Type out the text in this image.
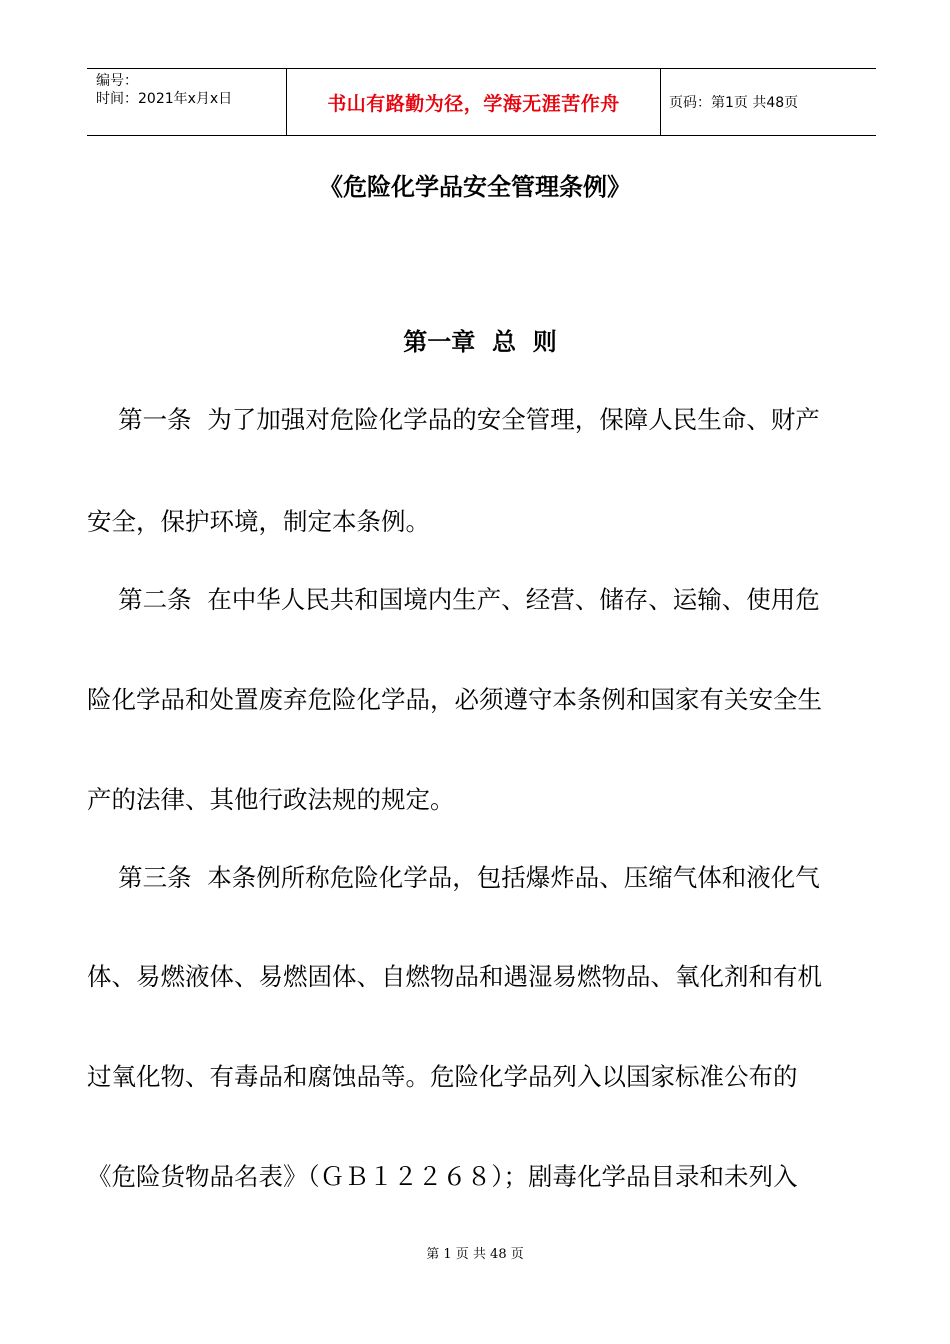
编号：
时间：2021年x月x日	书山有路勤为径，学海无涯苦作舟	页码：第1页 共48页
《危险化学品安全管理条例》
第一章  总  则
第一条  为了加强对危险化学品的安全管理，保障人民生命、财产
安全，保护环境，制定本条例。
第二条  在中华人民共和国境内生产、经营、储存、运输、使用危
险化学品和处置废弃危险化学品，必须遵守本条例和国家有关安全生
产的法律、其他行政法规的规定。
第三条  本条例所称危险化学品，包括爆炸品、压缩气体和液化气
体、易燃液体、易燃固体、自燃物品和遇湿易燃物品、氧化剂和有机
过氧化物、有毒品和腐蚀品等。危险化学品列入以国家标准公布的
《危险货物品名表》（ＧＢ１２２６８）；剧毒化学品目录和未列入
第 1 页 共 48 页
